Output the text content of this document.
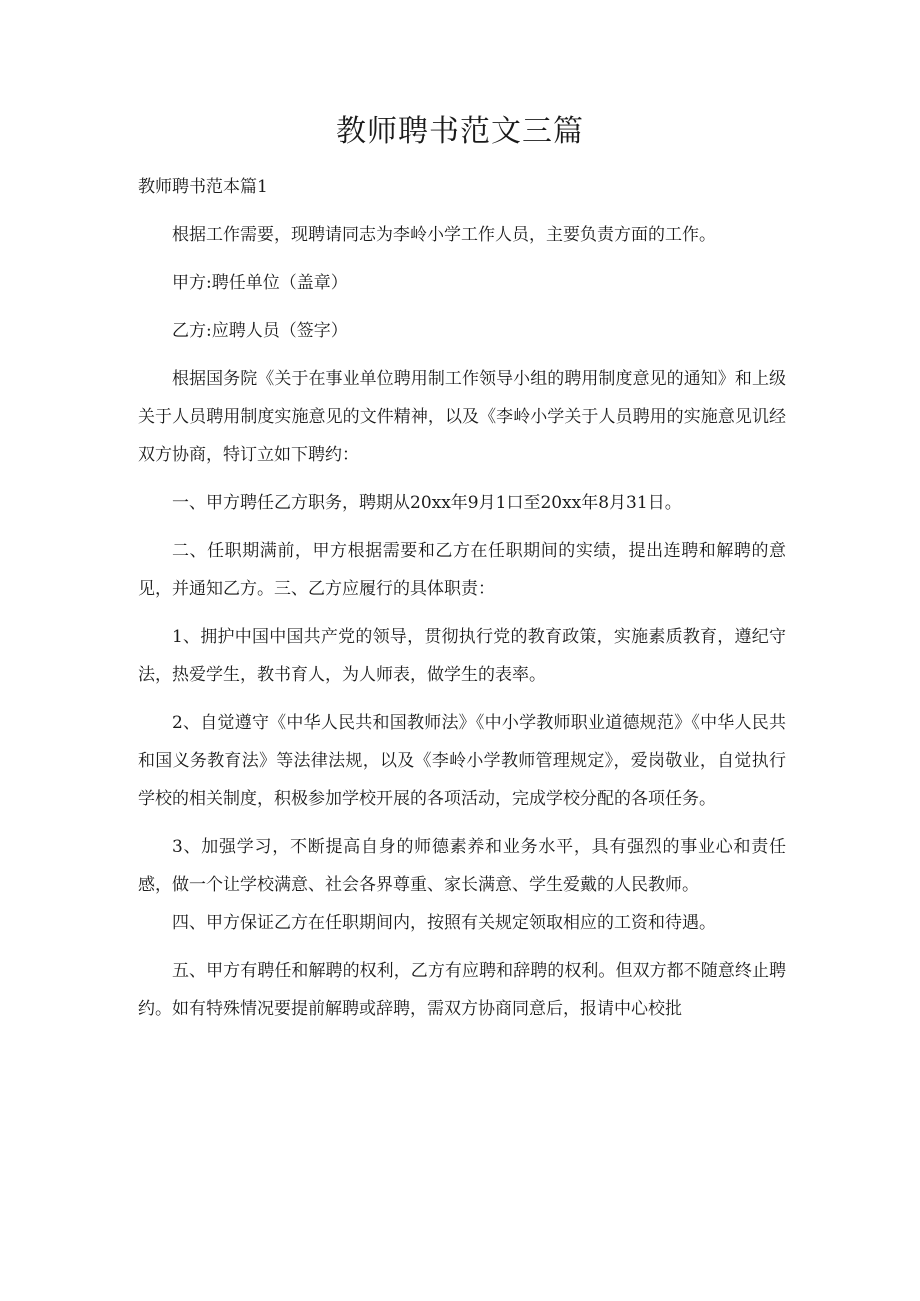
教师聘书范文三篇
教师聘书范本篇1

根据工作需要，现聘请同志为李岭小学工作人员，主要负责方面的工作。

甲方:聘任单位（盖章）

乙方:应聘人员（签字）

根据国务院《关于在事业单位聘用制工作领导小组的聘用制度意见的通知》和上级关于人员聘用制度实施意见的文件精神，以及《李岭小学关于人员聘用的实施意见讥经双方协商，特订立如下聘约：

一、甲方聘任乙方职务，聘期从20xx年9月1口至20xx年8月31日。

二、任职期满前，甲方根据需要和乙方在任职期间的实绩，提出连聘和解聘的意见，并通知乙方。三、乙方应履行的具体职责：

1、拥护中国中国共产党的领导，贯彻执行党的教育政策，实施素质教育，遵纪守法，热爱学生，教书育人，为人师表，做学生的表率。

2、自觉遵守《中华人民共和国教师法》《中小学教师职业道德规范》《中华人民共和国义务教育法》等法律法规，以及《李岭小学教师管理规定》，爱岗敬业，自觉执行学校的相关制度，积极参加学校开展的各项活动，完成学校分配的各项任务。

3、加强学习，不断提高自身的师德素养和业务水平，具有强烈的事业心和责任感，做一个让学校满意、社会各界尊重、家长满意、学生爱戴的人民教师。

四、甲方保证乙方在任职期间内，按照有关规定领取相应的工资和待遇。

五、甲方有聘任和解聘的权利，乙方有应聘和辞聘的权利。但双方都不随意终止聘约。如有特殊情况要提前解聘或辞聘，需双方协商同意后，报请中心校批
